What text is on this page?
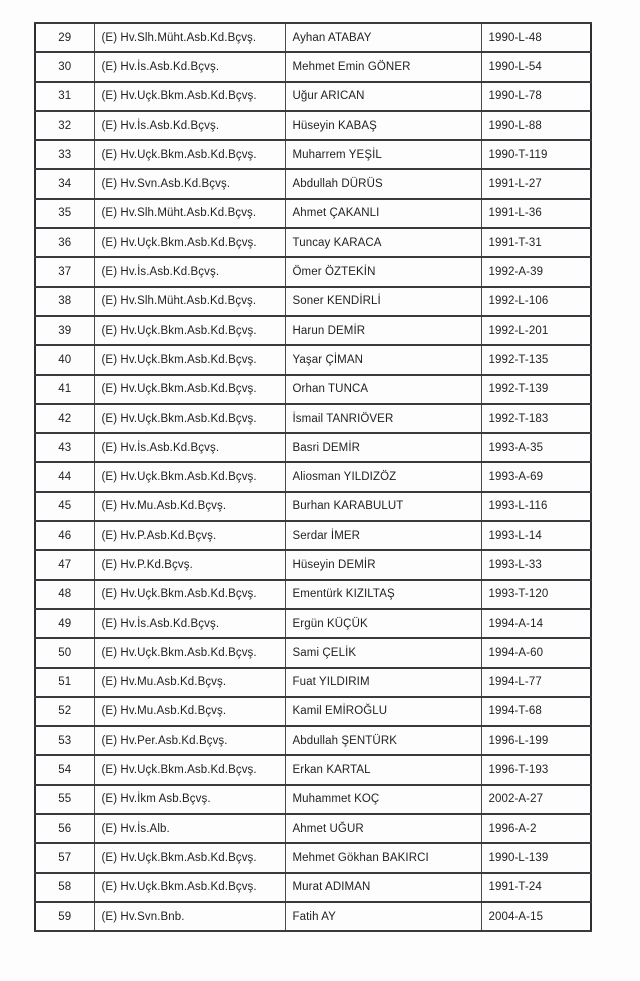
29	(E) Hv.Slh.Müht.Asb.Kd.Bçvş.	Ayhan ATABAY	1990-L-48
30	(E) Hv.İs.Asb.Kd.Bçvş.	Mehmet Emin GÖNER	1990-L-54
31	(E) Hv.Uçk.Bkm.Asb.Kd.Bçvş.	Uğur ARICAN	1990-L-78
32	(E) Hv.İs.Asb.Kd.Bçvş.	Hüseyin KABAŞ	1990-L-88
33	(E) Hv.Uçk.Bkm.Asb.Kd.Bçvş.	Muharrem YEŞİL	1990-T-119
34	(E) Hv.Svn.Asb.Kd.Bçvş.	Abdullah DÜRÜS	1991-L-27
35	(E) Hv.Slh.Müht.Asb.Kd.Bçvş.	Ahmet ÇAKANLI	1991-L-36
36	(E) Hv.Uçk.Bkm.Asb.Kd.Bçvş.	Tuncay KARACA	1991-T-31
37	(E) Hv.İs.Asb.Kd.Bçvş.	Ömer ÖZTEKİN	1992-A-39
38	(E) Hv.Slh.Müht.Asb.Kd.Bçvş.	Soner KENDİRLİ	1992-L-106
39	(E) Hv.Uçk.Bkm.Asb.Kd.Bçvş.	Harun DEMİR	1992-L-201
40	(E) Hv.Uçk.Bkm.Asb.Kd.Bçvş.	Yaşar ÇİMAN	1992-T-135
41	(E) Hv.Uçk.Bkm.Asb.Kd.Bçvş.	Orhan TUNCA	1992-T-139
42	(E) Hv.Uçk.Bkm.Asb.Kd.Bçvş.	İsmail TANRIÖVER	1992-T-183
43	(E) Hv.İs.Asb.Kd.Bçvş.	Basri DEMİR	1993-A-35
44	(E) Hv.Uçk.Bkm.Asb.Kd.Bçvş.	Aliosman YILDIZÖZ	1993-A-69
45	(E) Hv.Mu.Asb.Kd.Bçvş.	Burhan KARABULUT	1993-L-116
46	(E) Hv.P.Asb.Kd.Bçvş.	Serdar İMER	1993-L-14
47	(E) Hv.P.Kd.Bçvş.	Hüseyin DEMİR	1993-L-33
48	(E) Hv.Uçk.Bkm.Asb.Kd.Bçvş.	Ementürk KIZILTAŞ	1993-T-120
49	(E) Hv.İs.Asb.Kd.Bçvş.	Ergün KÜÇÜK	1994-A-14
50	(E) Hv.Uçk.Bkm.Asb.Kd.Bçvş.	Sami ÇELİK	1994-A-60
51	(E) Hv.Mu.Asb.Kd.Bçvş.	Fuat YILDIRIM	1994-L-77
52	(E) Hv.Mu.Asb.Kd.Bçvş.	Kamil EMİROĞLU	1994-T-68
53	(E) Hv.Per.Asb.Kd.Bçvş.	Abdullah ŞENTÜRK	1996-L-199
54	(E) Hv.Uçk.Bkm.Asb.Kd.Bçvş.	Erkan KARTAL	1996-T-193
55	(E) Hv.İkm Asb.Bçvş.	Muhammet KOÇ	2002-A-27
56	(E) Hv.İs.Alb.	Ahmet UĞUR	1996-A-2
57	(E) Hv.Uçk.Bkm.Asb.Kd.Bçvş.	Mehmet Gökhan BAKIRCI	1990-L-139
58	(E) Hv.Uçk.Bkm.Asb.Kd.Bçvş.	Murat ADIMAN	1991-T-24
59	(E) Hv.Svn.Bnb.	Fatih AY	2004-A-15
